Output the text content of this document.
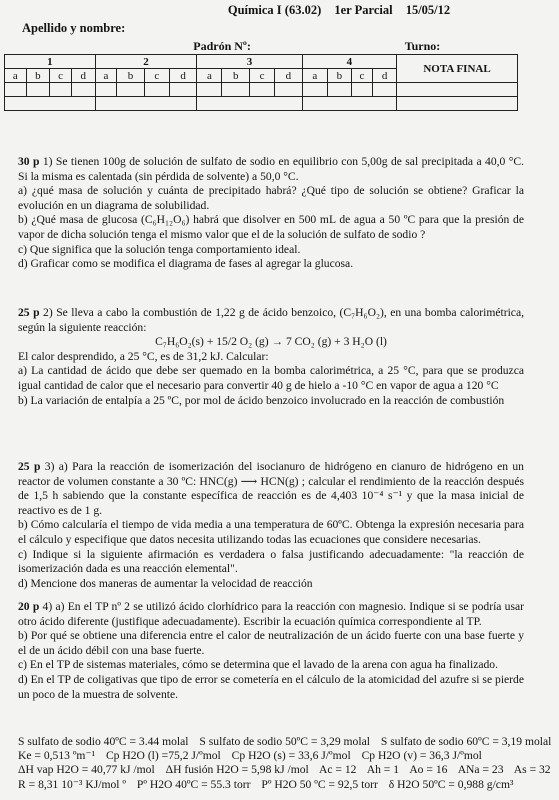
Química I (63.02) 1er Parcial 15/05/12
Apellido y nombre:
					Padrón Nº:								Turno:				
1				2				3				4				NOTA FINAL	
a	b	c	d	a	b	c	d	a	b	c	d	a	b	c	d		

30 p 1) Se tienen 100g de solución de sulfato de sodio en equilibrio con 5,00g de sal precipitada a 40,0 °C. Si la misma es calentada (sin pérdida de solvente) a 50,0 °C.

a) ¿qué masa de solución y cuánta de precipitado habrá? ¿Qué tipo de solución se obtiene? Graficar la evolución en un diagrama de solubilidad.

b) ¿Qué masa de glucosa (C₆H₁₂O₆) habrá que disolver en 500 mL de agua a 50 ºC para que la presión de vapor de dicha solución tenga el mismo valor que el de la solución de sulfato de sodio ?

c) Que significa que la solución tenga comportamiento ideal.

d) Graficar como se modifica el diagrama de fases al agregar la glucosa.

25 p 2) Se lleva a cabo la combustión de 1,22 g de ácido benzoico, (C₇H₆O₂), en una bomba calorimétrica, según la siguiente reacción:

C₇H₆O₂(s) + 15/2 O₂ (g) → 7 CO₂ (g) + 3 H₂O (l)

El calor desprendido, a 25 °C, es de 31,2 kJ. Calcular:

a) La cantidad de ácido que debe ser quemado en la bomba calorimétrica, a 25 °C, para que se produzca igual cantidad de calor que el necesario para convertir 40 g de hielo a -10 °C en vapor de agua a 120 °C

b) La variación de entalpía a 25 ºC, por mol de ácido benzoico involucrado en la reacción de combustión

25 p 3) a) Para la reacción de isomerización del isocianuro de hidrógeno en cianuro de hidrógeno en un reactor de volumen constante a 30 ºC: HNC(g) ⟶ HCN(g) ; calcular el rendimiento de la reacción después de 1,5 h sabiendo que la constante específica de reacción es de 4,403 10⁻⁴ s⁻¹ y que la masa inicial de reactivo es de 1 g.

b) Cómo calcularía el tiempo de vida media a una temperatura de 60ºC. Obtenga la expresión necesaria para el cálculo y especifique que datos necesita utilizando todas las ecuaciones que considere necesarias.

c) Indique si la siguiente afirmación es verdadera o falsa justificando adecuadamente: "la reacción de isomerización dada es una reacción elemental".

d) Mencione dos maneras de aumentar la velocidad de reacción

20 p 4) a) En el TP nº 2 se utilizó ácido clorhídrico para la reacción con magnesio. Indique si se podría usar otro ácido diferente (justifique adecuadamente). Escribir la ecuación química correspondiente al TP.

b) Por qué se obtiene una diferencia entre el calor de neutralización de un ácido fuerte con una base fuerte y el de un ácido débil con una base fuerte.

c) En el TP de sistemas materiales, cómo se determina que el lavado de la arena con agua ha finalizado.

d) En el TP de coligativas que tipo de error se cometería en el cálculo de la atomicidad del azufre si se pierde un poco de la muestra de solvente.

S sulfato de sodio 40ºC = 3.44 molal S sulfato de sodio 50ºC = 3,29 molal S sulfato de sodio 60ºC = 3,19 molal
Ke = 0,513 ºm⁻¹ Cp H2O (l) =75,2 J/ºmol Cp H2O (s) = 33,6 J/ºmol Cp H2O (v) = 36,3 J/ºmol
ΔH vap H2O = 40,77 kJ /mol ΔH fusión H2O = 5,98 kJ /mol Ac = 12 Ah = 1 Ao = 16 ANa = 23 As = 32
R = 8,31 10⁻³ KJ/mol º Pº H2O 40ºC = 55.3 torr Pº H2O 50 ºC = 92,5 torr δ H2O 50ºC = 0,988 g/cm³
